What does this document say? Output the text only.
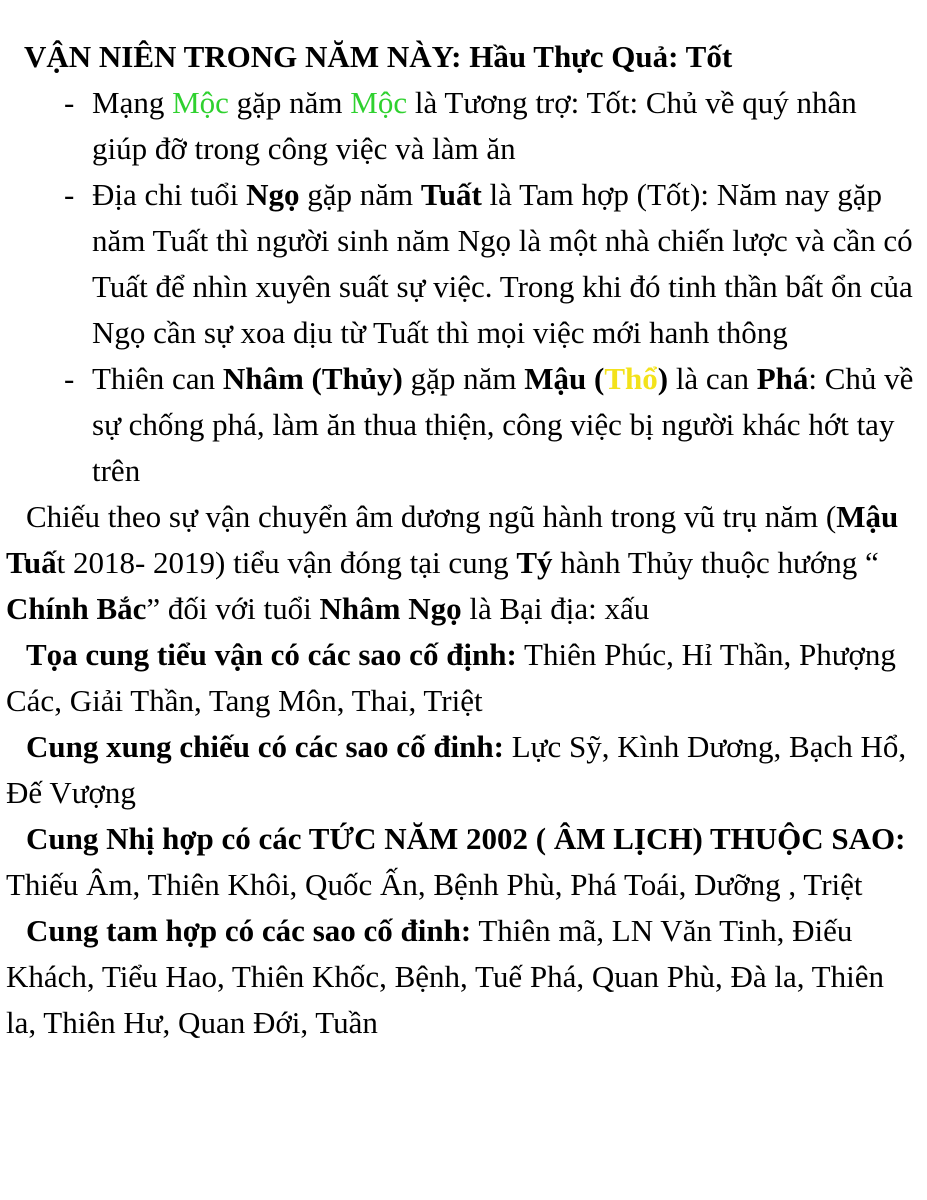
VẬN NIÊN TRONG NĂM NÀY: Hầu Thực Quả: Tốt

- Mạng Mộc gặp năm Mộc là Tương trợ: Tốt: Chủ về quý nhân giúp đỡ trong công việc và làm ăn
- Địa chi tuổi Ngọ gặp năm Tuất là Tam hợp (Tốt): Năm nay gặp năm Tuất thì người sinh năm Ngọ là một nhà chiến lược và cần có Tuất để nhìn xuyên suất sự việc. Trong khi đó tinh thần bất ổn của Ngọ cần sự xoa dịu từ Tuất thì mọi việc mới hanh thông
- Thiên can Nhâm (Thủy) gặp năm Mậu (Thổ) là can Phá: Chủ về sự chống phá, làm ăn thua thiện, công việc bị người khác hớt tay trên

Chiếu theo sự vận chuyển âm dương ngũ hành trong vũ trụ năm (Mậu Tuất 2018- 2019) tiểu vận đóng tại cung Tý hành Thủy thuộc hướng “ Chính Bắc” đối với tuổi Nhâm Ngọ là Bại địa: xấu

Tọa cung tiểu vận có các sao cố định: Thiên Phúc, Hỉ Thần, Phượng Các, Giải Thần, Tang Môn, Thai, Triệt

Cung xung chiếu có các sao cố đinh: Lực Sỹ, Kình Dương, Bạch Hổ, Đế Vượng

Cung Nhị hợp có các TỨC NĂM 2002 ( ÂM LỊCH) THUỘC SAO: Thiếu Âm, Thiên Khôi, Quốc Ấn, Bệnh Phù, Phá Toái, Dưỡng , Triệt

Cung tam hợp có các sao cố đinh: Thiên mã, LN Văn Tinh, Điếu Khách, Tiểu Hao, Thiên Khốc, Bệnh, Tuế Phá, Quan Phù, Đà la, Thiên la, Thiên Hư, Quan Đới, Tuần
